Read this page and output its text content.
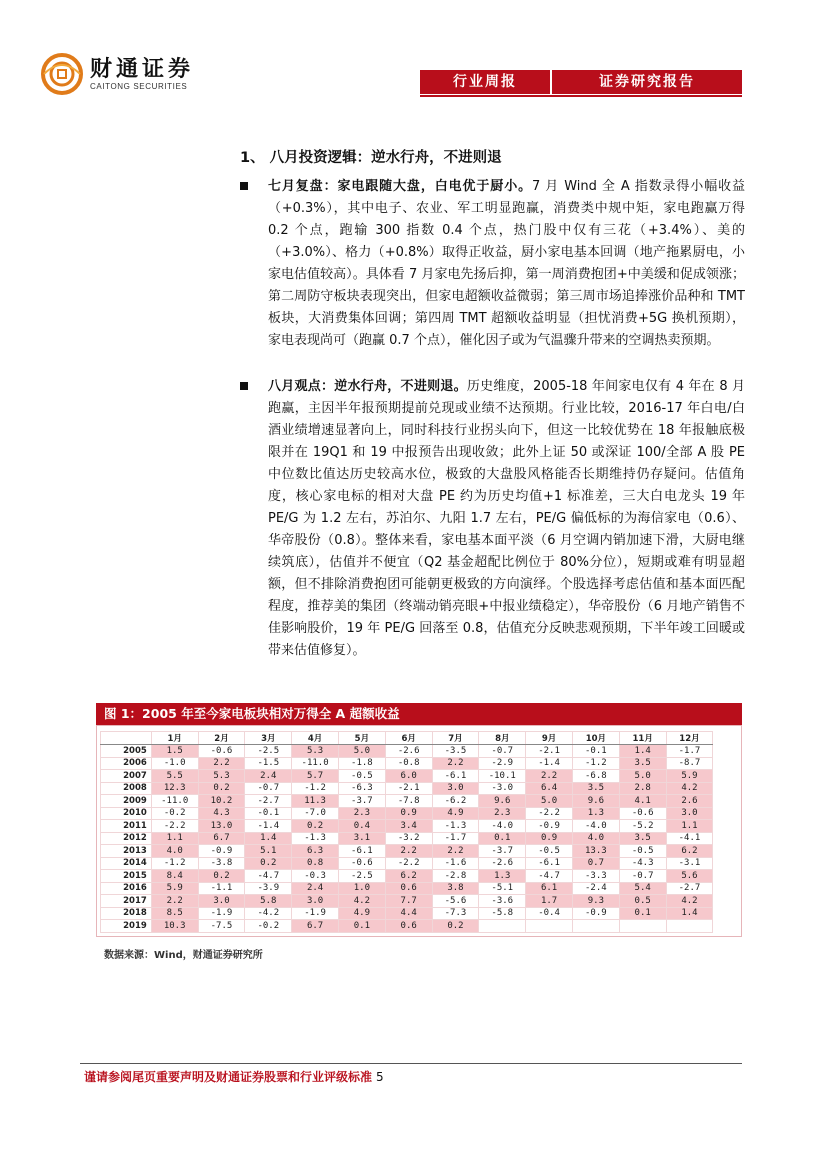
财通证券
CAITONG SECURITIES	行业周报	证券研究报告
1、 八月投资逻辑：逆水行舟，不进则退
七月复盘：家电跟随大盘，白电优于厨小。7 月 Wind 全 A 指数录得小幅收益（+0.3%），其中电子、农业、军工明显跑赢，消费类中规中矩，家电跑赢万得 0.2 个点，跑输 300 指数 0.4 个点，热门股中仅有三花（+3.4%）、美的（+3.0%）、格力（+0.8%）取得正收益，厨小家电基本回调（地产拖累厨电，小家电估值较高）。具体看 7 月家电先扬后抑，第一周消费抱团+中美缓和促成领涨；第二周防守板块表现突出，但家电超额收益微弱；第三周市场追捧涨价品种和 TMT 板块，大消费集体回调；第四周 TMT 超额收益明显（担忧消费+5G 换机预期），家电表现尚可（跑赢 0.7 个点），催化因子或为气温骤升带来的空调热卖预期。
八月观点：逆水行舟，不进则退。历史维度，2005-18 年间家电仅有 4 年在 8 月跑赢，主因半年报预期提前兑现或业绩不达预期。行业比较，2016-17 年白电/白酒业绩增速显著向上，同时科技行业拐头向下，但这一比较优势在 18 年报触底极限并在 19Q1 和 19 中报预告出现收敛；此外上证 50 或深证 100/全部 A 股 PE 中位数比值达历史较高水位，极致的大盘股风格能否长期维持仍存疑问。估值角度，核心家电标的相对大盘 PE 约为历史均值+1 标准差，三大白电龙头 19 年 PE/G 为 1.2 左右，苏泊尔、九阳 1.7 左右，PE/G 偏低标的为海信家电（0.6）、华帝股份（0.8）。整体来看，家电基本面平淡（6 月空调内销加速下滑，大厨电继续筑底），估值并不便宜（Q2 基金超配比例位于 80%分位），短期或难有明显超额，但不排除消费抱团可能朝更极致的方向演绎。个股选择考虑估值和基本面匹配程度，推荐美的集团（终端动销亮眼+中报业绩稳定），华帝股份（6 月地产销售不佳影响股价，19 年 PE/G 回落至 0.8，估值充分反映悲观预期，下半年竣工回暖或带来估值修复）。
图 1：2005 年至今家电板块相对万得全 A 超额收益
	1月	2月	3月	4月	5月	6月	7月	8月	9月	10月	11月	12月
2005	1.5	-0.6	-2.5	5.3	5.0	-2.6	-3.5	-0.7	-2.1	-0.1	1.4	-1.7
2006	-1.0	2.2	-1.5	-11.0	-1.8	-0.8	2.2	-2.9	-1.4	-1.2	3.5	-8.7
2007	5.5	5.3	2.4	5.7	-0.5	6.0	-6.1	-10.1	2.2	-6.8	5.0	5.9
2008	12.3	0.2	-0.7	-1.2	-6.3	-2.1	3.0	-3.0	6.4	3.5	2.8	4.2
2009	-11.0	10.2	-2.7	11.3	-3.7	-7.8	-6.2	9.6	5.0	9.6	4.1	2.6
2010	-0.2	4.3	-0.1	-7.0	2.3	0.9	4.9	2.3	-2.2	1.3	-0.6	3.0
2011	-2.2	13.0	-1.4	0.2	0.4	3.4	-1.3	-4.0	-0.9	-4.0	-5.2	1.1
2012	1.1	6.7	1.4	-1.3	3.1	-3.2	-1.7	0.1	0.9	4.0	3.5	-4.1
2013	4.0	-0.9	5.1	6.3	-6.1	2.2	2.2	-3.7	-0.5	13.3	-0.5	6.2
2014	-1.2	-3.8	0.2	0.8	-0.6	-2.2	-1.6	-2.6	-6.1	0.7	-4.3	-3.1
2015	8.4	0.2	-4.7	-0.3	-2.5	6.2	-2.8	1.3	-4.7	-3.3	-0.7	5.6
2016	5.9	-1.1	-3.9	2.4	1.0	0.6	3.8	-5.1	6.1	-2.4	5.4	-2.7
2017	2.2	3.0	5.8	3.0	4.2	7.7	-5.6	-3.6	1.7	9.3	0.5	4.2
2018	8.5	-1.9	-4.2	-1.9	4.9	4.4	-7.3	-5.8	-0.4	-0.9	0.1	1.4
2019	10.3	-7.5	-0.2	6.7	0.1	0.6	0.2					
数据来源：Wind，财通证券研究所
谨请参阅尾页重要声明及财通证券股票和行业评级标准 5
